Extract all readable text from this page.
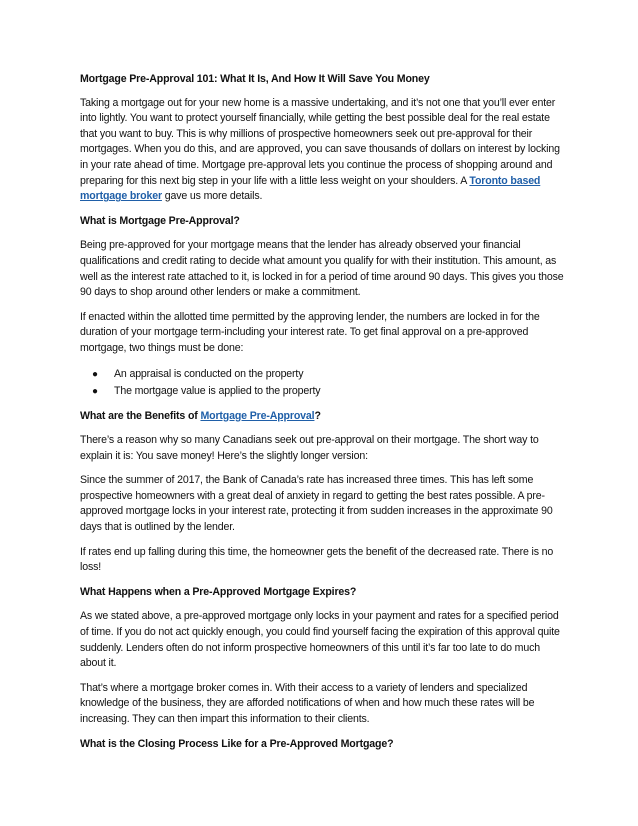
Mortgage Pre-Approval 101: What It Is, And How It Will Save You Money

Taking a mortgage out for your new home is a massive undertaking, and it’s not one that you’ll ever enter into lightly. You want to protect yourself financially, while getting the best possible deal for the real estate that you want to buy. This is why millions of prospective homeowners seek out pre-approval for their mortgages. When you do this, and are approved, you can save thousands of dollars on interest by locking in your rate ahead of time. Mortgage pre-approval lets you continue the process of shopping around and preparing for this next big step in your life with a little less weight on your shoulders. A Toronto based mortgage broker gave us more details.

What is Mortgage Pre-Approval?

Being pre-approved for your mortgage means that the lender has already observed your financial qualifications and credit rating to decide what amount you qualify for with their institution. This amount, as well as the interest rate attached to it, is locked in for a period of time around 90 days. This gives you those 90 days to shop around other lenders or make a commitment.

If enacted within the allotted time permitted by the approving lender, the numbers are locked in for the duration of your mortgage term-including your interest rate. To get final approval on a pre-approved mortgage, two things must be done:

● An appraisal is conducted on the property
● The mortgage value is applied to the property
What are the Benefits of Mortgage Pre-Approval?

There’s a reason why so many Canadians seek out pre-approval on their mortgage. The short way to explain it is: You save money! Here’s the slightly longer version:

Since the summer of 2017, the Bank of Canada’s rate has increased three times. This has left some prospective homeowners with a great deal of anxiety in regard to getting the best rates possible. A pre-approved mortgage locks in your interest rate, protecting it from sudden increases in the approximate 90 days that is outlined by the lender.

If rates end up falling during this time, the homeowner gets the benefit of the decreased rate. There is no loss!

What Happens when a Pre-Approved Mortgage Expires?

As we stated above, a pre-approved mortgage only locks in your payment and rates for a specified period of time. If you do not act quickly enough, you could find yourself facing the expiration of this approval quite suddenly. Lenders often do not inform prospective homeowners of this until it’s far too late to do much about it.

That’s where a mortgage broker comes in. With their access to a variety of lenders and specialized knowledge of the business, they are afforded notifications of when and how much these rates will be increasing. They can then impart this information to their clients.

What is the Closing Process Like for a Pre-Approved Mortgage?
